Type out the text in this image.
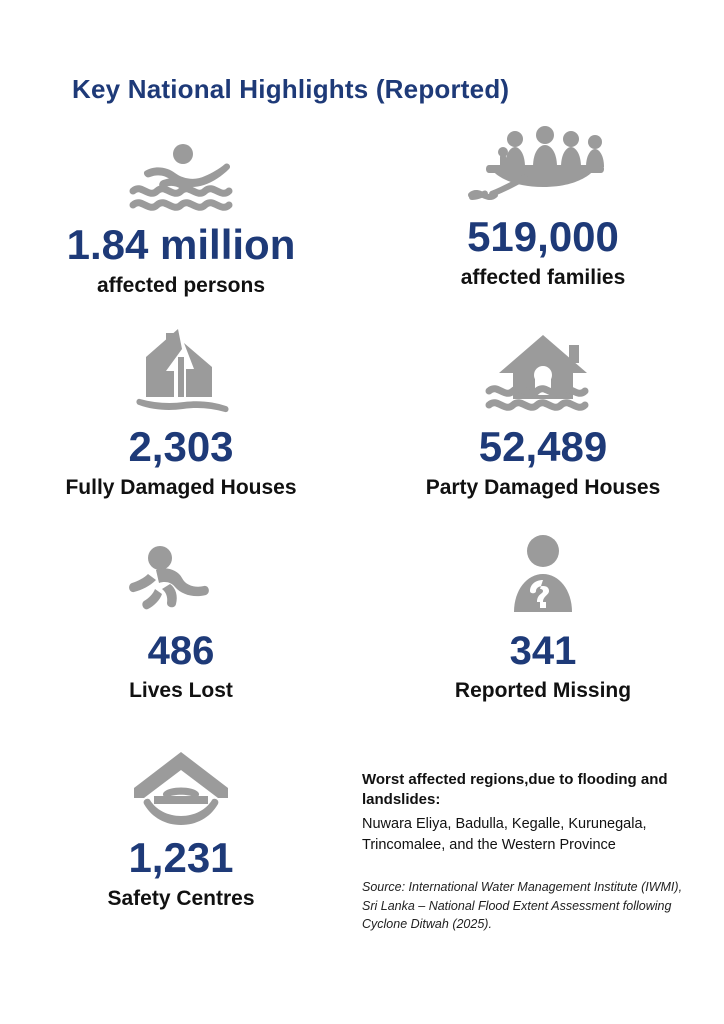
Key National Highlights (Reported)
1.84 million
affected persons
519,000
affected families
2,303
Fully Damaged Houses
52,489
Party Damaged Houses
486
Lives Lost
341
Reported Missing
1,231
Safety Centres
Worst affected regions,due to flooding and landslides:
Nuwara Eliya, Badulla, Kegalle, Kurunegala, Trincomalee, and the Western Province
Source: International Water Management Institute (IWMI), Sri Lanka – National Flood Extent Assessment following Cyclone Ditwah (2025).
